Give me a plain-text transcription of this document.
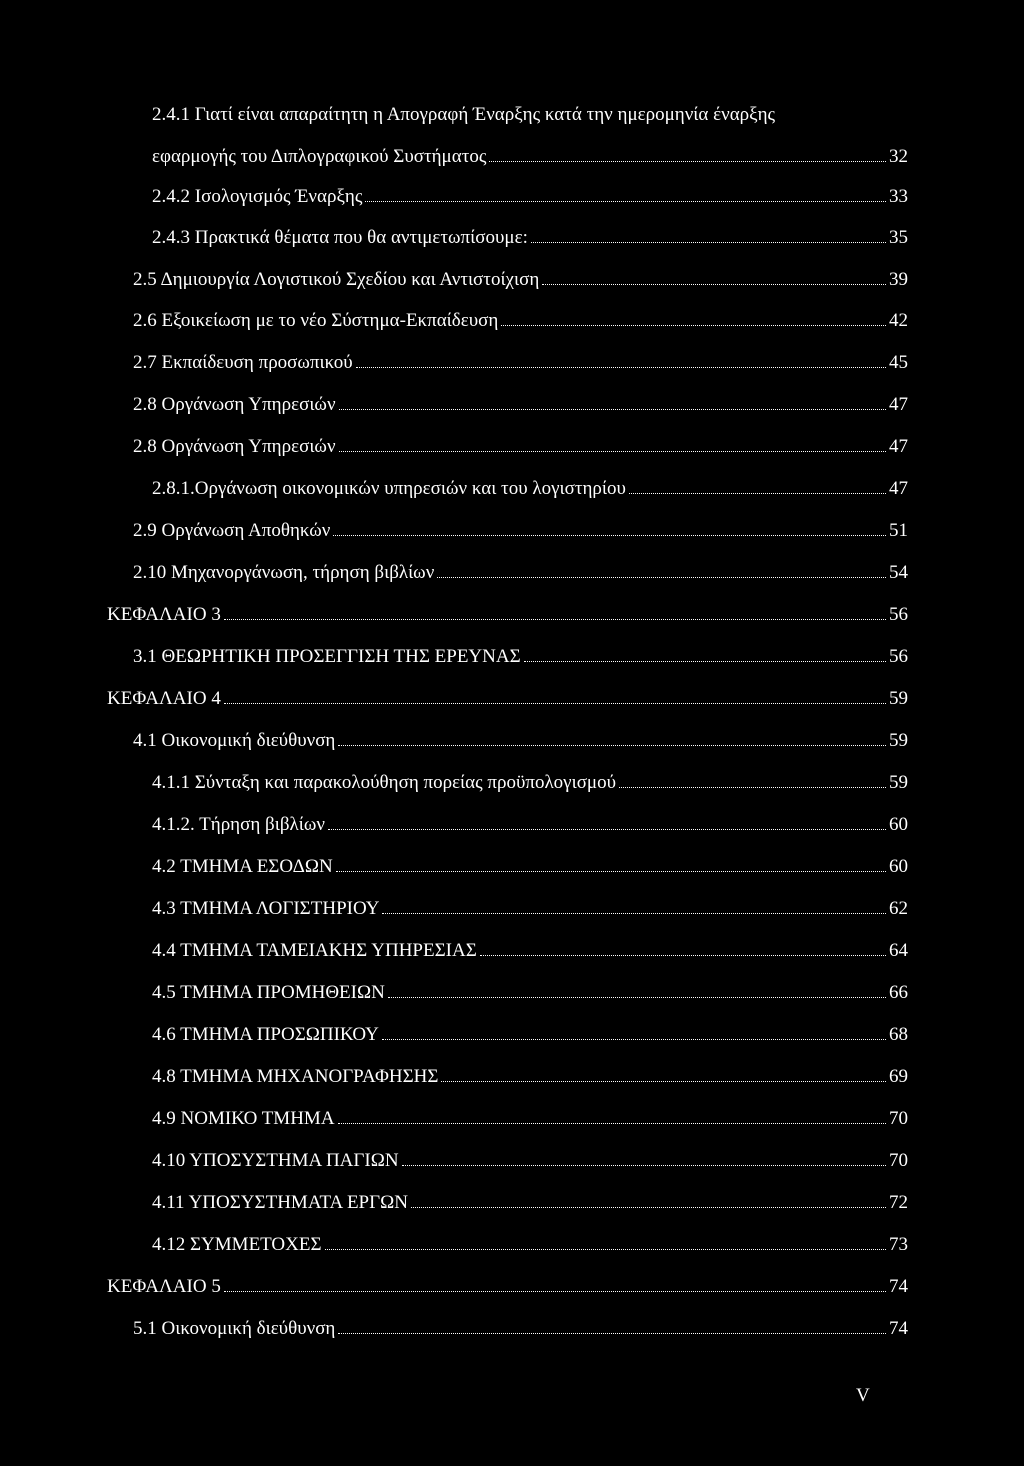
2.4.1 Γιατί είναι απαραίτητη η Απογραφή Έναρξης κατά την ημερομηνία έναρξης
εφαρμογής του Διπλογραφικού Συστήματος	32
2.4.2 Ισολογισμός Έναρξης	33
2.4.3 Πρακτικά θέματα που θα αντιμετωπίσουμε:	35
2.5 Δημιουργία Λογιστικού Σχεδίου και Αντιστοίχιση	39
2.6 Εξοικείωση με το νέο Σύστημα-Εκπαίδευση	42
2.7 Εκπαίδευση προσωπικού	45
2.8 Οργάνωση Υπηρεσιών	47
2.8 Οργάνωση Υπηρεσιών	47
2.8.1.Οργάνωση οικονομικών υπηρεσιών και του λογιστηρίου	47
2.9 Οργάνωση Αποθηκών	51
2.10 Μηχανοργάνωση, τήρηση βιβλίων	54
ΚΕΦΑΛΑΙΟ 3	56
3.1 ΘΕΩΡΗΤΙΚΗ ΠΡΟΣΕΓΓΙΣΗ ΤΗΣ ΕΡΕΥΝΑΣ	56
ΚΕΦΑΛΑΙΟ 4	59
4.1 Οικονομική διεύθυνση	59
4.1.1 Σύνταξη και παρακολούθηση πορείας προϋπολογισμού	59
4.1.2. Τήρηση βιβλίων	60
4.2 ΤΜΗΜΑ ΕΣΟΔΩΝ	60
4.3 ΤΜΗΜΑ ΛΟΓΙΣΤΗΡΙΟΥ	62
4.4 ΤΜΗΜΑ ΤΑΜΕΙΑΚΗΣ ΥΠΗΡΕΣΙΑΣ	64
4.5 ΤΜΗΜΑ ΠΡΟΜΗΘΕΙΩΝ	66
4.6 ΤΜΗΜΑ ΠΡΟΣΩΠΙΚΟΥ	68
4.8 ΤΜΗΜΑ ΜΗΧΑΝΟΓΡΑΦΗΣΗΣ	69
4.9 ΝΟΜΙΚΟ ΤΜΗΜΑ	70
4.10 ΥΠΟΣΥΣΤΗΜΑ ΠΑΓΙΩΝ	70
4.11 ΥΠΟΣΥΣΤΗΜΑΤΑ ΕΡΓΩΝ	72
4.12 ΣΥΜΜΕΤΟΧΕΣ	73
ΚΕΦΑΛΑΙΟ 5	74
5.1 Οικονομική διεύθυνση	74
V
